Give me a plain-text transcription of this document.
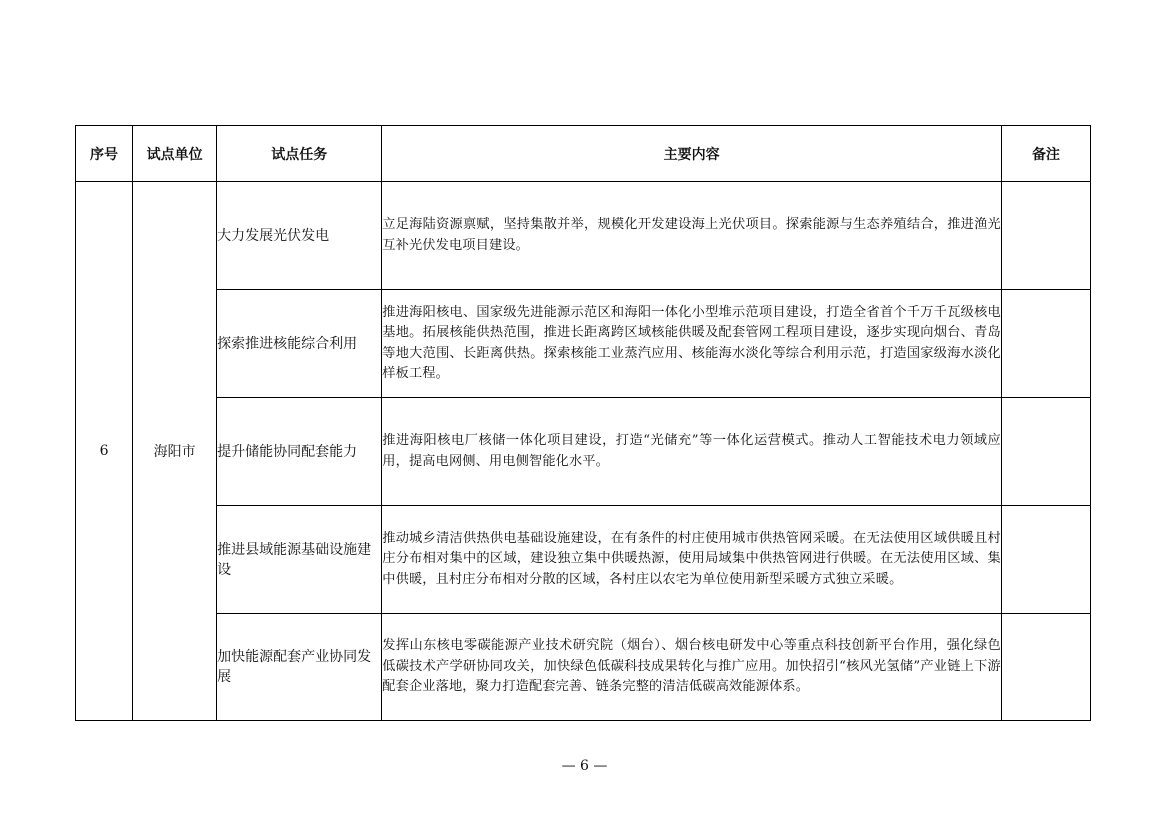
序号	试点单位	试点任务	主要内容	备注
6	海阳市	大力发展光伏发电	立足海陆资源禀赋，坚持集散并举，规模化开发建设海上光伏项目。探索能源与生态养殖结合，推进渔光互补光伏发电项目建设。	
		探索推进核能综合利用	推进海阳核电、国家级先进能源示范区和海阳一体化小型堆示范项目建设，打造全省首个千万千瓦级核电基地。拓展核能供热范围，推进长距离跨区域核能供暖及配套管网工程项目建设，逐步实现向烟台、青岛等地大范围、长距离供热。探索核能工业蒸汽应用、核能海水淡化等综合利用示范，打造国家级海水淡化样板工程。	
		提升储能协同配套能力	推进海阳核电厂核储一体化项目建设，打造“光储充”等一体化运营模式。推动人工智能技术电力领域应用，提高电网侧、用电侧智能化水平。	
		推进县域能源基础设施建设	推动城乡清洁供热供电基础设施建设，在有条件的村庄使用城市供热管网采暖。在无法使用区域供暖且村庄分布相对集中的区域，建设独立集中供暖热源，使用局域集中供热管网进行供暖。在无法使用区域、集中供暖，且村庄分布相对分散的区域，各村庄以农宅为单位使用新型采暖方式独立采暖。	
		加快能源配套产业协同发展	发挥山东核电零碳能源产业技术研究院（烟台）、烟台核电研发中心等重点科技创新平台作用，强化绿色低碳技术产学研协同攻关，加快绿色低碳科技成果转化与推广应用。加快招引“核风光氢储”产业链上下游配套企业落地，聚力打造配套完善、链条完整的清洁低碳高效能源体系。	
— 6 —
